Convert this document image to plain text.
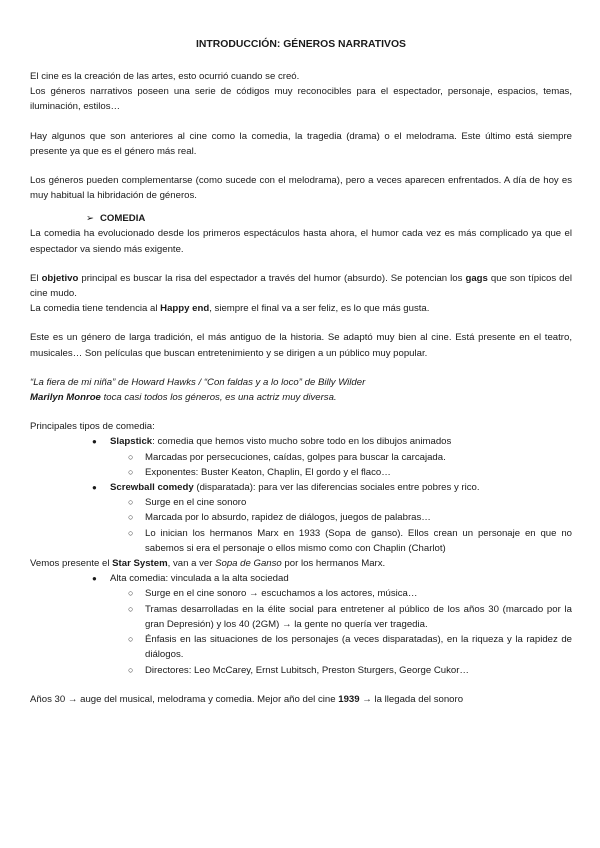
INTRODUCCIÓN: GÉNEROS NARRATIVOS

El cine es la creación de las artes, esto ocurrió cuando se creó.

Los géneros narrativos poseen una serie de códigos muy reconocibles para el espectador, personaje, espacios, temas, iluminación, estilos…

Hay algunos que son anteriores al cine como la comedia, la tragedia (drama) o el melodrama. Este último está siempre presente ya que es el género más real.

Los géneros pueden complementarse (como sucede con el melodrama), pero a veces aparecen enfrentados. A día de hoy es muy habitual la hibridación de géneros.

➢ COMEDIA

La comedia ha evolucionado desde los primeros espectáculos hasta ahora, el humor cada vez es más complicado ya que el espectador va siendo más exigente.

El objetivo principal es buscar la risa del espectador a través del humor (absurdo). Se potencian los gags que son típicos del cine mudo.

La comedia tiene tendencia al Happy end, siempre el final va a ser feliz, es lo que más gusta.

Este es un género de larga tradición, el más antiguo de la historia. Se adaptó muy bien al cine. Está presente en el teatro, musicales… Son películas que buscan entretenimiento y se dirigen a un público muy popular.

“La fiera de mi niña” de Howard Hawks / “Con faldas y a lo loco” de Billy Wilder

Marilyn Monroe toca casi todos los géneros, es una actriz muy diversa.

Principales tipos de comedia:

● Slapstick: comedia que hemos visto mucho sobre todo en los dibujos animados
○ Marcadas por persecuciones, caídas, golpes para buscar la carcajada.
○ Exponentes: Buster Keaton, Chaplin, El gordo y el flaco…
● Screwball comedy (disparatada): para ver las diferencias sociales entre pobres y rico.
○ Surge en el cine sonoro
○ Marcada por lo absurdo, rapidez de diálogos, juegos de palabras…
○ Lo inician los hermanos Marx en 1933 (Sopa de ganso). Ellos crean un personaje en que no sabemos si era el personaje o ellos mismo como con Chaplin (Charlot)

Vemos presente el Star System, van a ver Sopa de Ganso por los hermanos Marx.

● Alta comedia: vinculada a la alta sociedad
○ Surge en el cine sonoro → escuchamos a los actores, música…
○ Tramas desarrolladas en la élite social para entretener al público de los años 30 (marcado por la gran Depresión) y los 40 (2GM) → la gente no quería ver tragedia.
○ Énfasis en las situaciones de los personajes (a veces disparatadas), en la riqueza y la rapidez de diálogos.
○ Directores: Leo McCarey, Ernst Lubitsch, Preston Sturgers, George Cukor…

Años 30 → auge del musical, melodrama y comedia. Mejor año del cine 1939 → la llegada del sonoro
